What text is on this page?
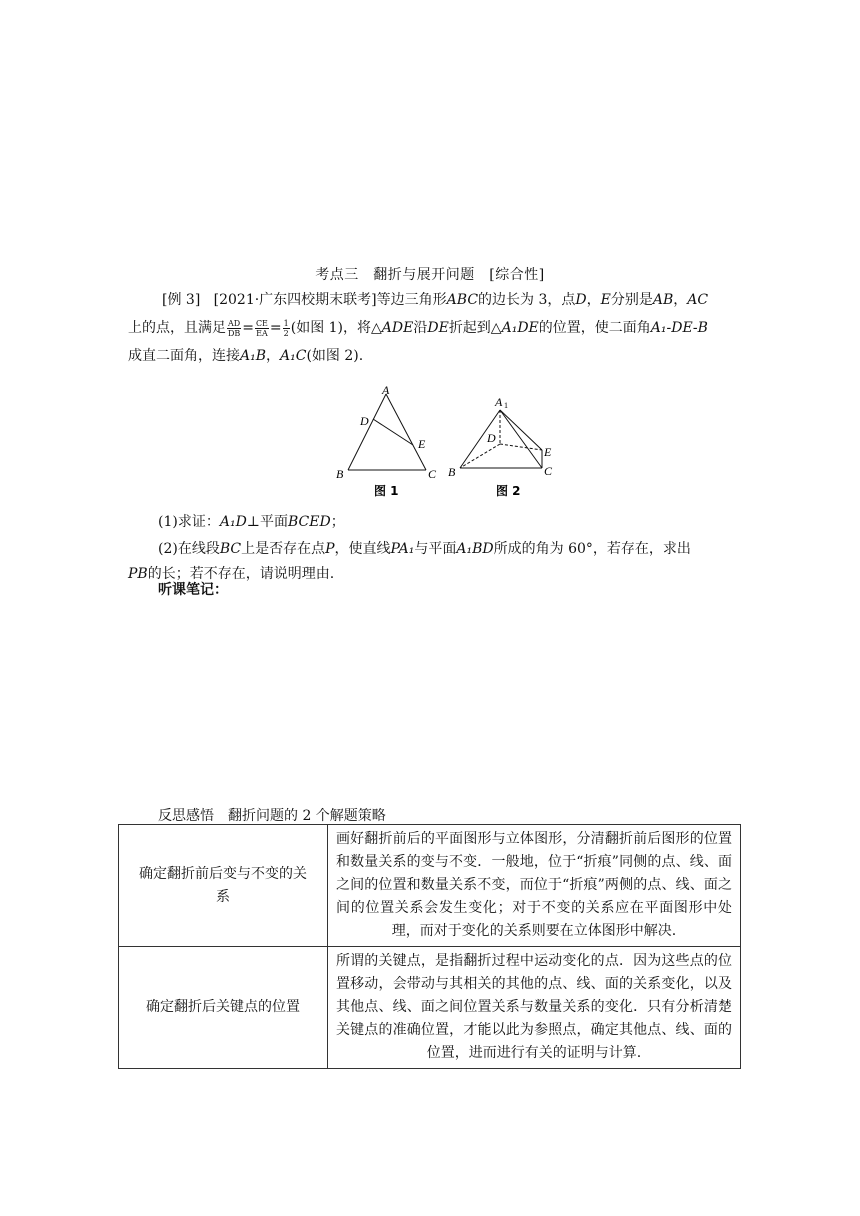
考点三　翻折与展开问题　[综合性]
[例 3] [2021·广东四校期末联考]等边三角形ABC的边长为 3，点D，E分别是AB，AC
上的点，且满足 $\frac{AD}{DB} = \frac{CE}{EA} = \frac{1}{2}$ (如图 1)，将△ADE沿DE折起到△A₁DE的位置，使二面角A₁-DE-B
成直二面角，连接A₁B，A₁C(如图 2).
A
D
E
B	C
图 1
A 1
D
E
B	C
图 2
(1)求证：A₁D⊥平面BCED；
(2)在线段BC上是否存在点P，使直线PA₁与平面A₁BD所成的角为 60°，若存在，求出
PB的长；若不存在，请说明理由.
听课笔记：
反思感悟　翻折问题的 2 个解题策略
确定翻折前后变与不变的关系	画好翻折前后的平面图形与立体图形，分清翻折前后图形的位置和数量关系的变与不变．一般地，位于“折痕”同侧的点、线、面之间的位置和数量关系不变，而位于“折痕”两侧的点、线、面之间的位置关系会发生变化；对于不变的关系应在平面图形中处理，而对于变化的关系则要在立体图形中解决.
确定翻折后关键点的位置	所谓的关键点，是指翻折过程中运动变化的点．因为这些点的位置移动，会带动与其相关的其他的点、线、面的关系变化，以及其他点、线、面之间位置关系与数量关系的变化．只有分析清楚关键点的准确位置，才能以此为参照点，确定其他点、线、面的位置，进而进行有关的证明与计算.
